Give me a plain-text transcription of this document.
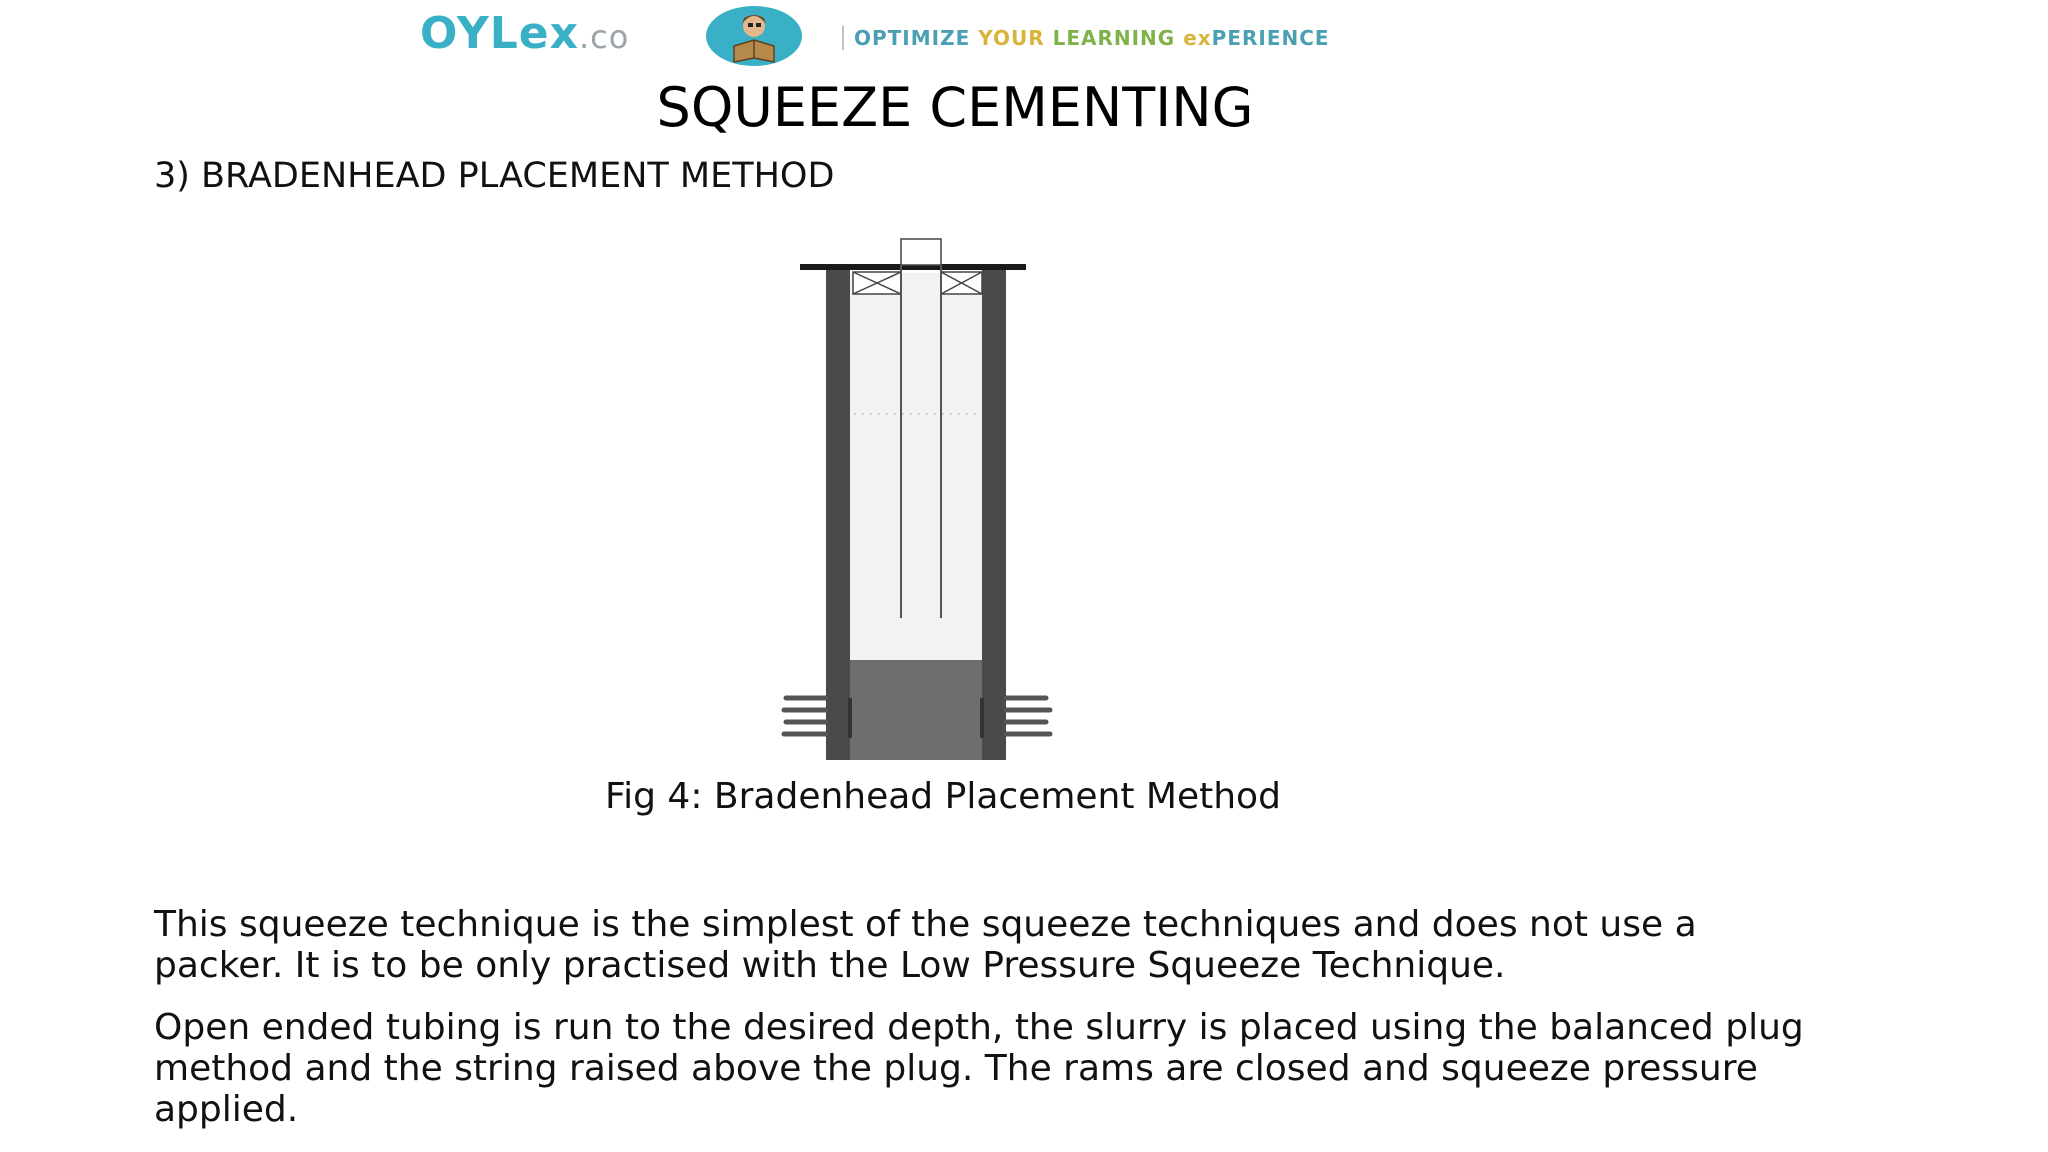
OYLex.co	OPTIMIZE YOUR LEARNING exPERIENCE
SQUEEZE CEMENTING
3) BRADENHEAD PLACEMENT METHOD
Fig 4: Bradenhead Placement Method

This squeeze technique is the simplest of the squeeze techniques and does not use a packer. It is to be only practised with the Low Pressure Squeeze Technique.

Open ended tubing is run to the desired depth, the slurry is placed using the balanced plug method and the string raised above the plug. The rams are closed and squeeze pressure applied.
